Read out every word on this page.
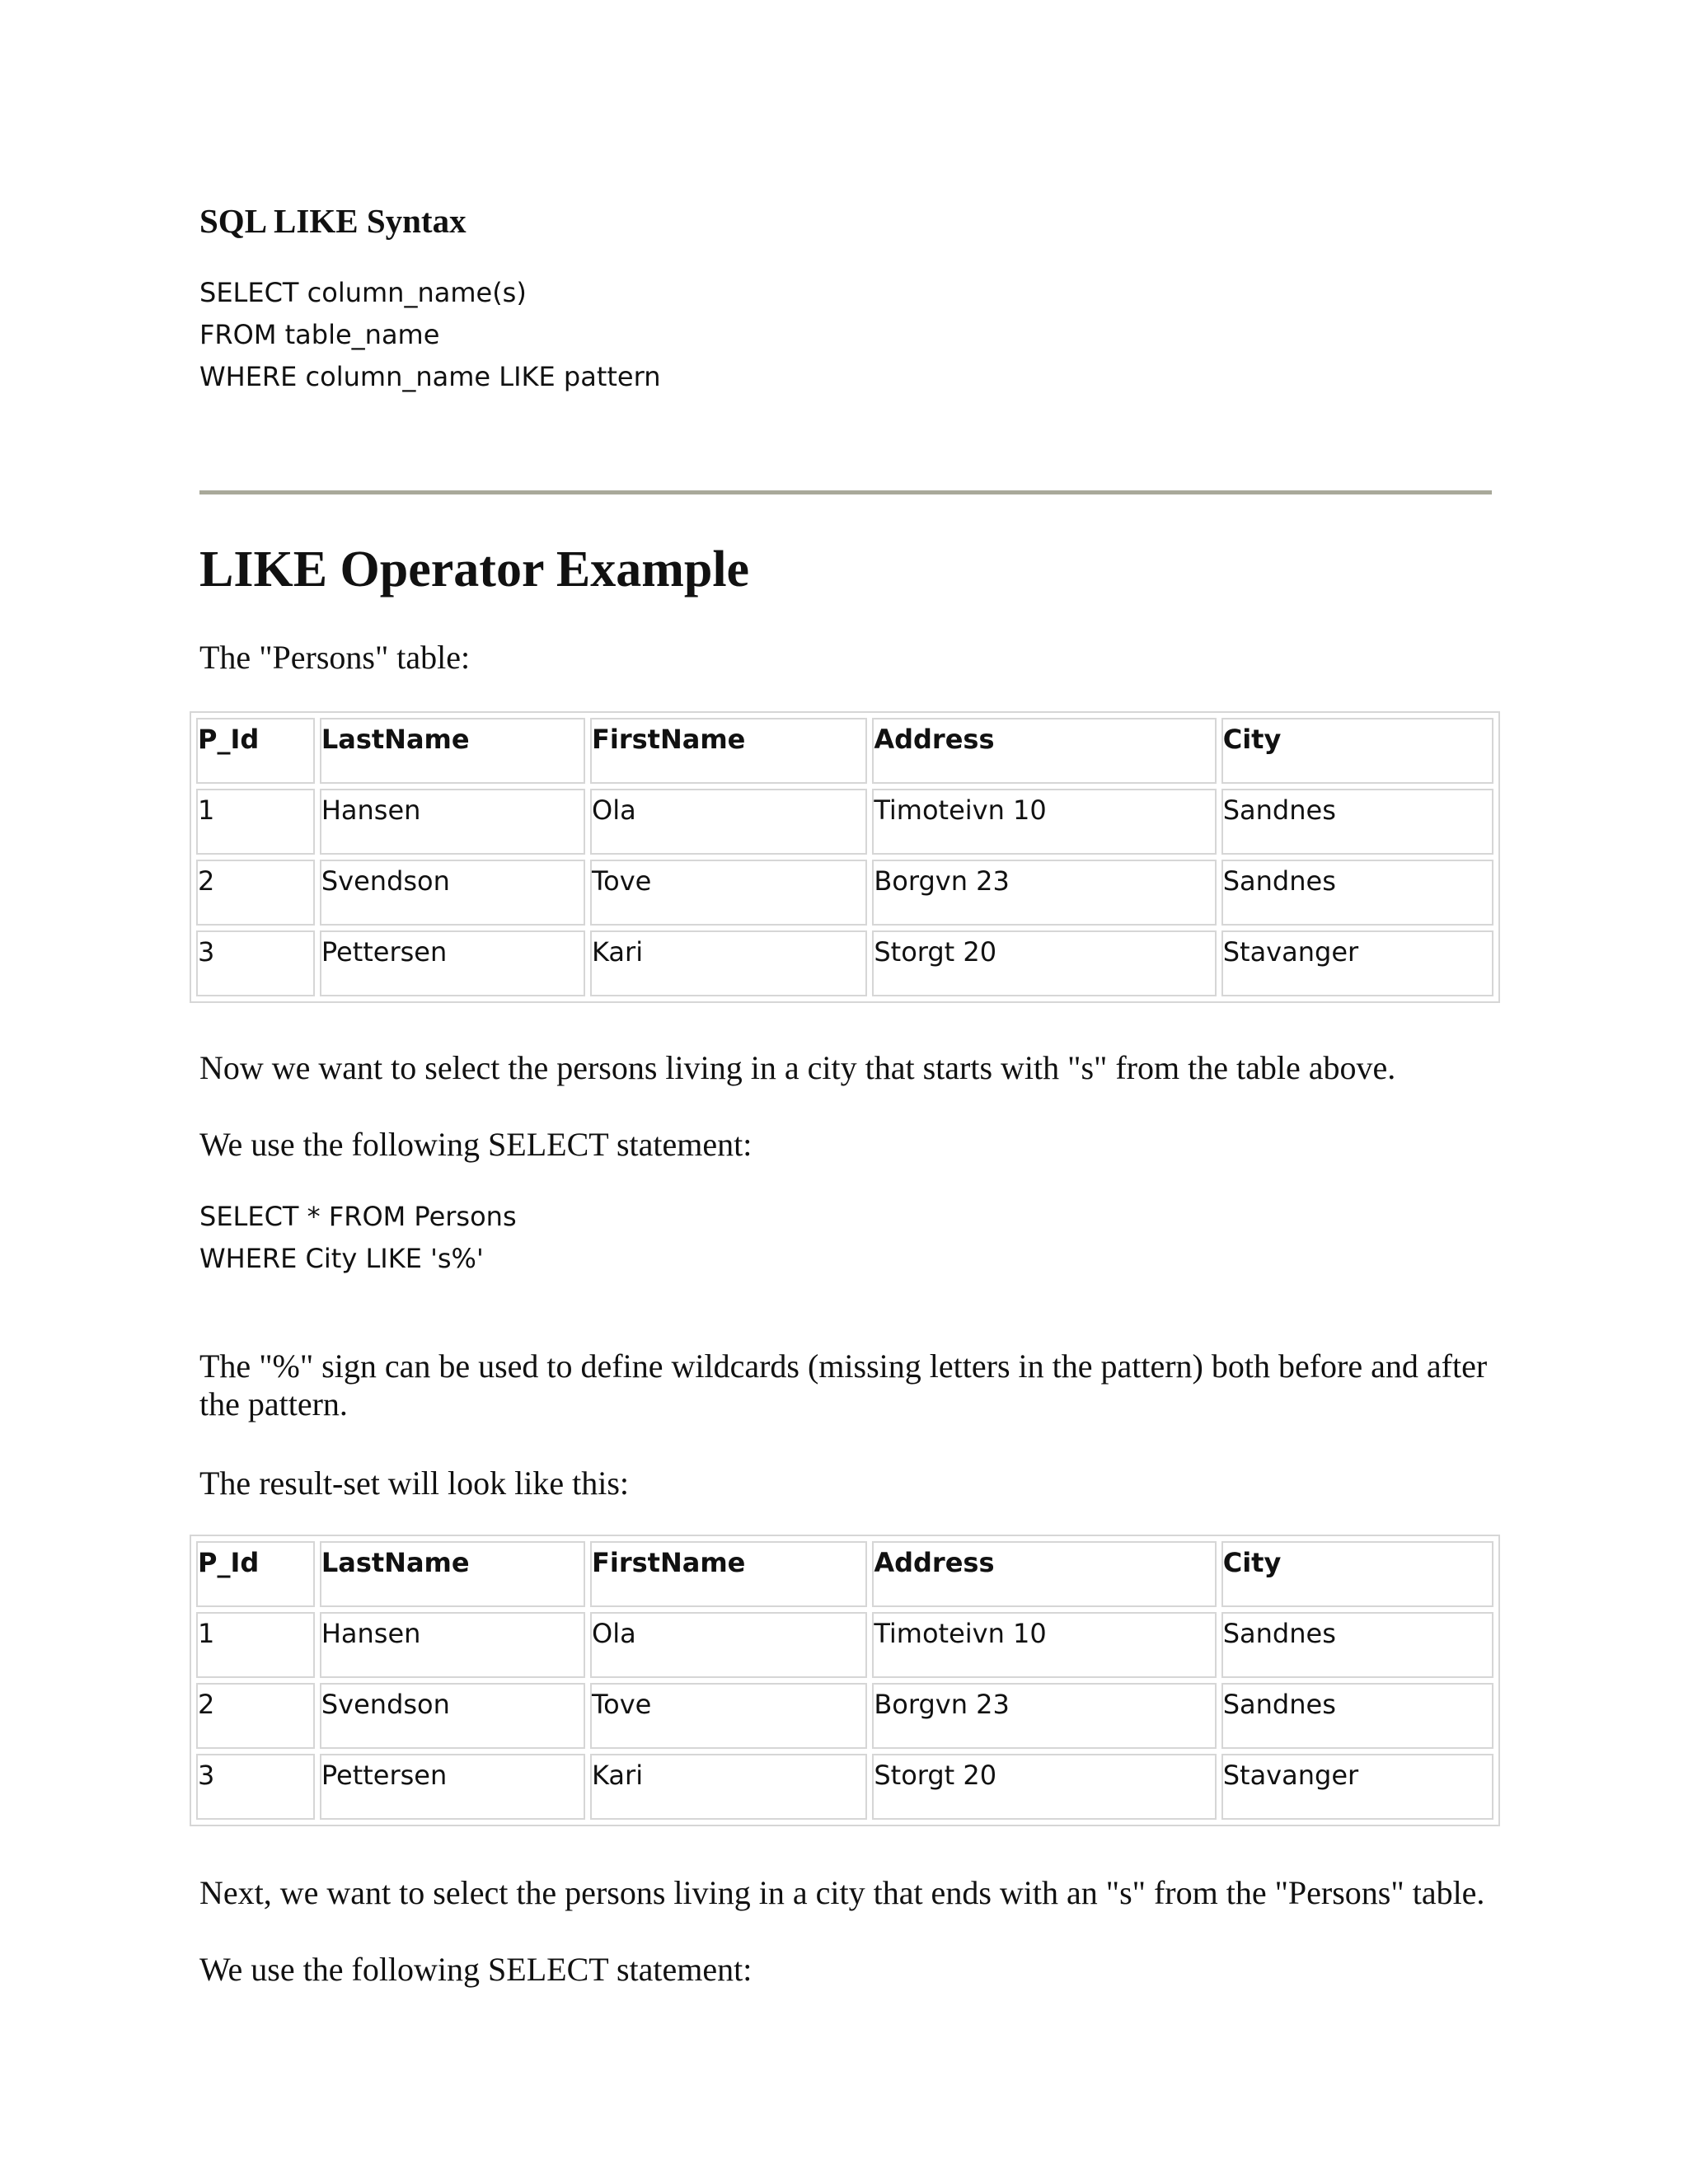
SQL LIKE Syntax
SELECT column_name(s)
FROM table_name
WHERE column_name LIKE pattern
LIKE Operator Example

The "Persons" table:

P_Id	LastName	FirstName	Address	City

1	Hansen	Ola	Timoteivn 10	Sandnes

2	Svendson	Tove	Borgvn 23	Sandnes

3	Pettersen	Kari	Storgt 20	Stavanger

Now we want to select the persons living in a city that starts with "s" from the table above.

We use the following SELECT statement:

SELECT * FROM Persons
WHERE City LIKE 's%'

The "%" sign can be used to define wildcards (missing letters in the pattern) both before and after the pattern.

The result-set will look like this:

P_Id	LastName	FirstName	Address	City

1	Hansen	Ola	Timoteivn 10	Sandnes

2	Svendson	Tove	Borgvn 23	Sandnes

3	Pettersen	Kari	Storgt 20	Stavanger

Next, we want to select the persons living in a city that ends with an "s" from the "Persons" table.

We use the following SELECT statement:
